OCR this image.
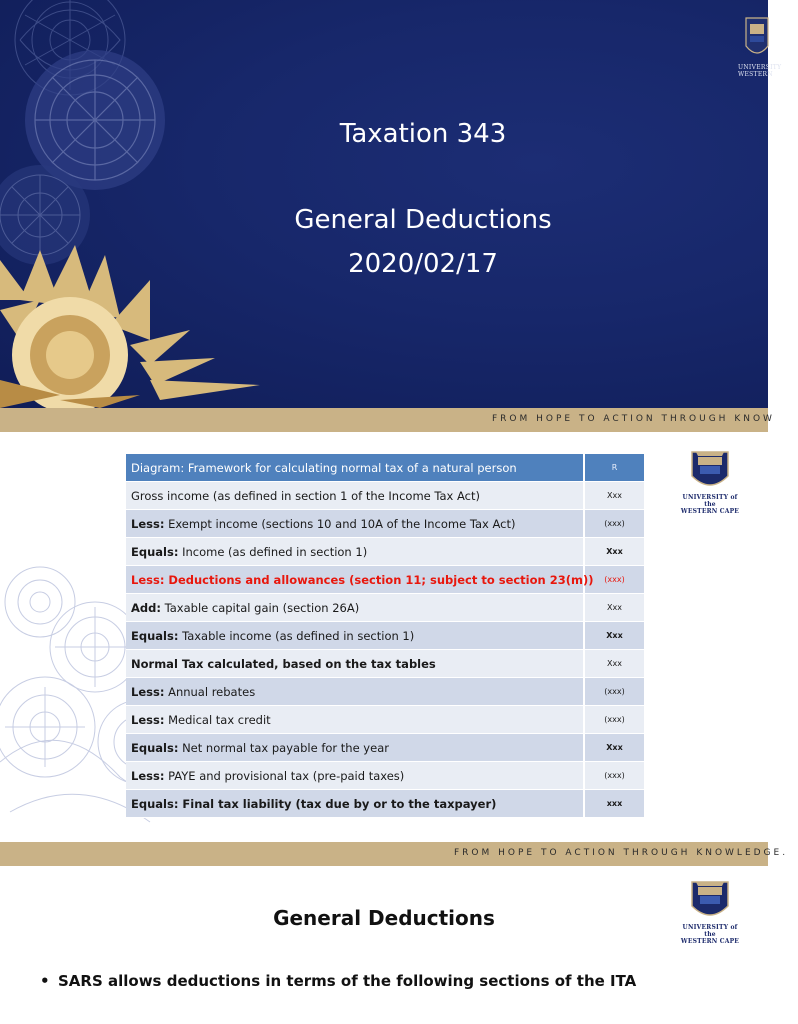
Taxation 343
General Deductions
2020/02/17
UNIVERSITY
WESTERN
FROM HOPE TO ACTION THROUGH KNOW
Diagram: Framework for calculating normal tax of a natural person	R
Gross income (as defined in section 1 of the Income Tax Act)	Xxx
Less: Exempt income (sections 10 and 10A of the Income Tax Act)	(xxx)
Equals: Income (as defined in section 1)	Xxx
Less: Deductions and allowances (section 11; subject to section 23(m))	(xxx)
Add: Taxable capital gain (section 26A)	Xxx
Equals: Taxable income (as defined in section 1)	Xxx
Normal Tax calculated, based on the tax tables	Xxx
Less: Annual rebates	(xxx)
Less: Medical tax credit	(xxx)
Equals: Net normal tax payable for the year	Xxx
Less: PAYE and provisional tax (pre-paid taxes)	(xxx)
Equals: Final tax liability (tax due by or to the taxpayer)	xxx
UNIVERSITY of the
WESTERN CAPE
FROM HOPE TO ACTION THROUGH KNOWLEDGE.
General Deductions	UNIVERSITY of the
WESTERN CAPE
• SARS allows deductions in terms of the following sections of the ITA
